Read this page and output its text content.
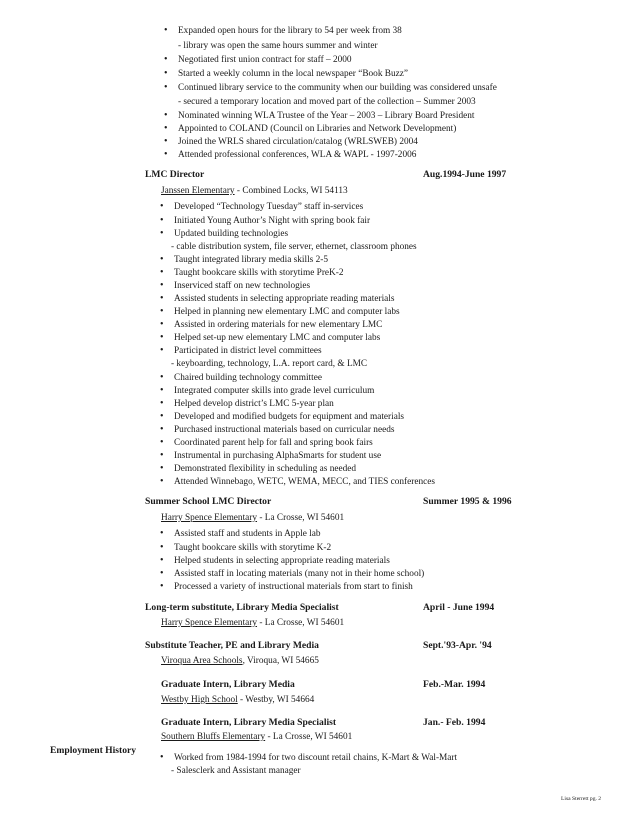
• Expanded open hours for the library to 54 per week from 38
- library was open the same hours summer and winter
• Negotiated first union contract for staff – 2000
• Started a weekly column in the local newspaper “Book Buzz”
• Continued library service to the community when our building was considered unsafe
- secured a temporary location and moved part of the collection – Summer 2003
• Nominated winning WLA Trustee of the Year – 2003 – Library Board President
• Appointed to COLAND (Council on Libraries and Network Development)
• Joined the WRLS shared circulation/catalog (WRLSWEB) 2004
• Attended professional conferences, WLA & WAPL - 1997-2006
LMC Director	Aug.1994-June 1997
Janssen Elementary - Combined Locks, WI 54113
• Developed “Technology Tuesday” staff in-services
• Initiated Young Author’s Night with spring book fair
• Updated building technologies
- cable distribution system, file server, ethernet, classroom phones
• Taught integrated library media skills 2-5
• Taught bookcare skills with storytime PreK-2
• Inserviced staff on new technologies
• Assisted students in selecting appropriate reading materials
• Helped in planning new elementary LMC and computer labs
• Assisted in ordering materials for new elementary LMC
• Helped set-up new elementary LMC and computer labs
• Participated in district level committees
- keyboarding, technology, L.A. report card, & LMC
• Chaired building technology committee
• Integrated computer skills into grade level curriculum
• Helped develop district’s LMC 5-year plan
• Developed and modified budgets for equipment and materials
• Purchased instructional materials based on curricular needs
• Coordinated parent help for fall and spring book fairs
• Instrumental in purchasing AlphaSmarts for student use
• Demonstrated flexibility in scheduling as needed
• Attended Winnebago, WETC, WEMA, MECC, and TIES conferences
Summer School LMC Director	Summer 1995 & 1996
Harry Spence Elementary - La Crosse, WI 54601
• Assisted staff and students in Apple lab
• Taught bookcare skills with storytime K-2
• Helped students in selecting appropriate reading materials
• Assisted staff in locating materials (many not in their home school)
• Processed a variety of instructional materials from start to finish
Long-term substitute, Library Media Specialist	April - June 1994
Harry Spence Elementary - La Crosse, WI 54601
Substitute Teacher, PE and Library Media	Sept.'93-Apr. '94
Viroqua Area Schools, Viroqua, WI 54665
Graduate Intern, Library Media	Feb.-Mar. 1994
Westby High School - Westby, WI 54664
Graduate Intern, Library Media Specialist	Jan.- Feb. 1994
Southern Bluffs Elementary - La Crosse, WI 54601
Employment History
• Worked from 1984-1994 for two discount retail chains, K-Mart & Wal-Mart
- Salesclerk and Assistant manager
Lisa Sterrett pg. 2
